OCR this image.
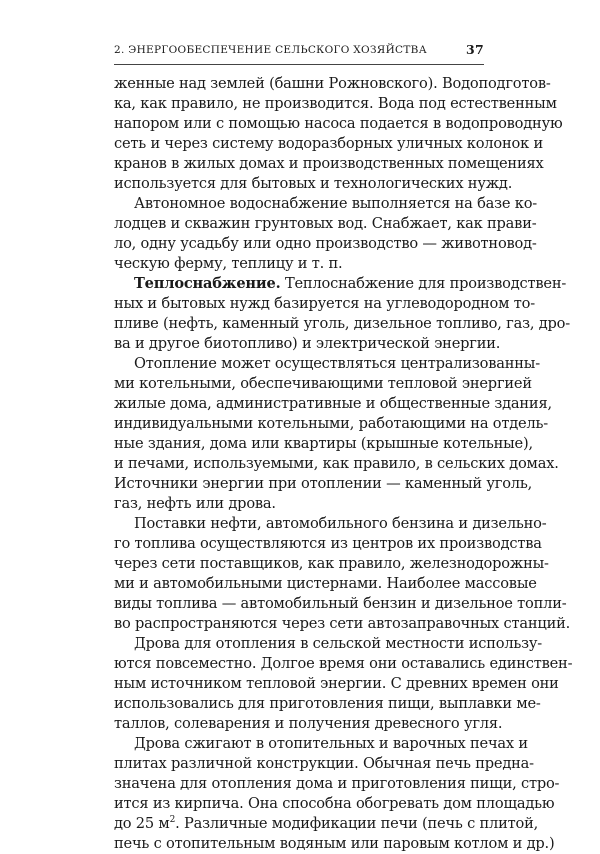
2. ЭНЕРГООБЕСПЕЧЕНИЕ СЕЛЬСКОГО ХОЗЯЙСТВА	37
женные над землей (башни Рожновского). Водоподготов-
ка, как правило, не производится. Вода под естественным
напором или с помощью насоса подается в водопроводную
сеть и через систему водоразборных уличных колонок и
кранов в жилых домах и производственных помещениях
используется для бытовых и технологических нужд.
Автономное водоснабжение выполняется на базе ко-
лодцев и скважин грунтовых вод. Снабжает, как прави-
ло, одну усадьбу или одно производство — животновод-
ческую ферму, теплицу и т. п.
Теплоснабжение. Теплоснабжение для производствен-
ных и бытовых нужд базируется на углеводородном то-
пливе (нефть, каменный уголь, дизельное топливо, газ, дро-
ва и другое биотопливо) и электрической энергии.
Отопление может осуществляться централизованны-
ми котельными, обеспечивающими тепловой энергией
жилые дома, административные и общественные здания,
индивидуальными котельными, работающими на отдель-
ные здания, дома или квартиры (крышные котельные),
и печами, используемыми, как правило, в сельских домах.
Источники энергии при отоплении — каменный уголь,
газ, нефть или дрова.
Поставки нефти, автомобильного бензина и дизельно-
го топлива осуществляются из центров их производства
через сети поставщиков, как правило, железнодорожны-
ми и автомобильными цистернами. Наиболее массовые
виды топлива — автомобильный бензин и дизельное топли-
во распространяются через сети автозаправочных станций.
Дрова для отопления в сельской местности использу-
ются повсеместно. Долгое время они оставались единствен-
ным источником тепловой энергии. С древних времен они
использовались для приготовления пищи, выплавки ме-
таллов, солеварения и получения древесного угля.
Дрова сжигают в отопительных и варочных печах и
плитах различной конструкции. Обычная печь предна-
значена для отопления дома и приготовления пищи, стро-
ится из кирпича. Она способна обогревать дом площадью
до 25 $м^2$. Различные модификации печи (печь с плитой,
печь с отопительным водяным или паровым котлом и др.)
